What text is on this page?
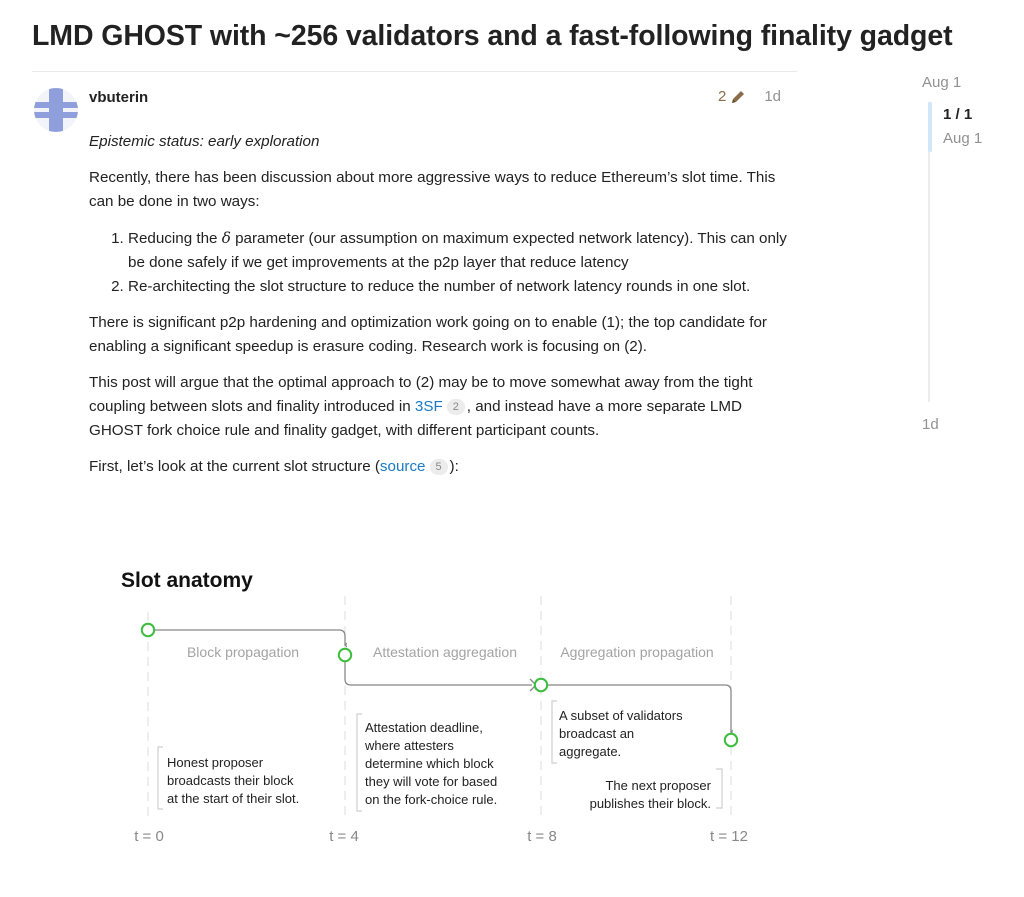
LMD GHOST with ~256 validators and a fast-following finality gadget
vbuterin	2	1d

Epistemic status: early exploration

Recently, there has been discussion about more aggressive ways to reduce Ethereum’s slot time. This can be done in two ways:

1. Reducing the δ parameter (our assumption on maximum expected network latency). This can only be done safely if we get improvements at the p2p layer that reduce latency
2. Re-architecting the slot structure to reduce the number of network latency rounds in one slot.

There is significant p2p hardening and optimization work going on to enable (1); the top candidate for enabling a significant speedup is erasure coding. Research work is focusing on (2).

This post will argue that the optimal approach to (2) may be to move somewhat away from the tight coupling between slots and finality introduced in 3SF 2 , and instead have a more separate LMD GHOST fork choice rule and finality gadget, with different participant counts.

First, let’s look at the current slot structure (source 5 ):

Slot anatomy
Block propagation	Attestation aggregation	Aggregation propagation
Honest proposer
broadcasts their block
at the start of their slot.
Attestation deadline,
where attesters
determine which block
they will vote for based
on the fork-choice rule.
A subset of validators
broadcast an
aggregate.
The next proposer
publishes their block.
t = 0	t = 4	t = 8	t = 12
Aug 1
1 / 1
Aug 1
1d
